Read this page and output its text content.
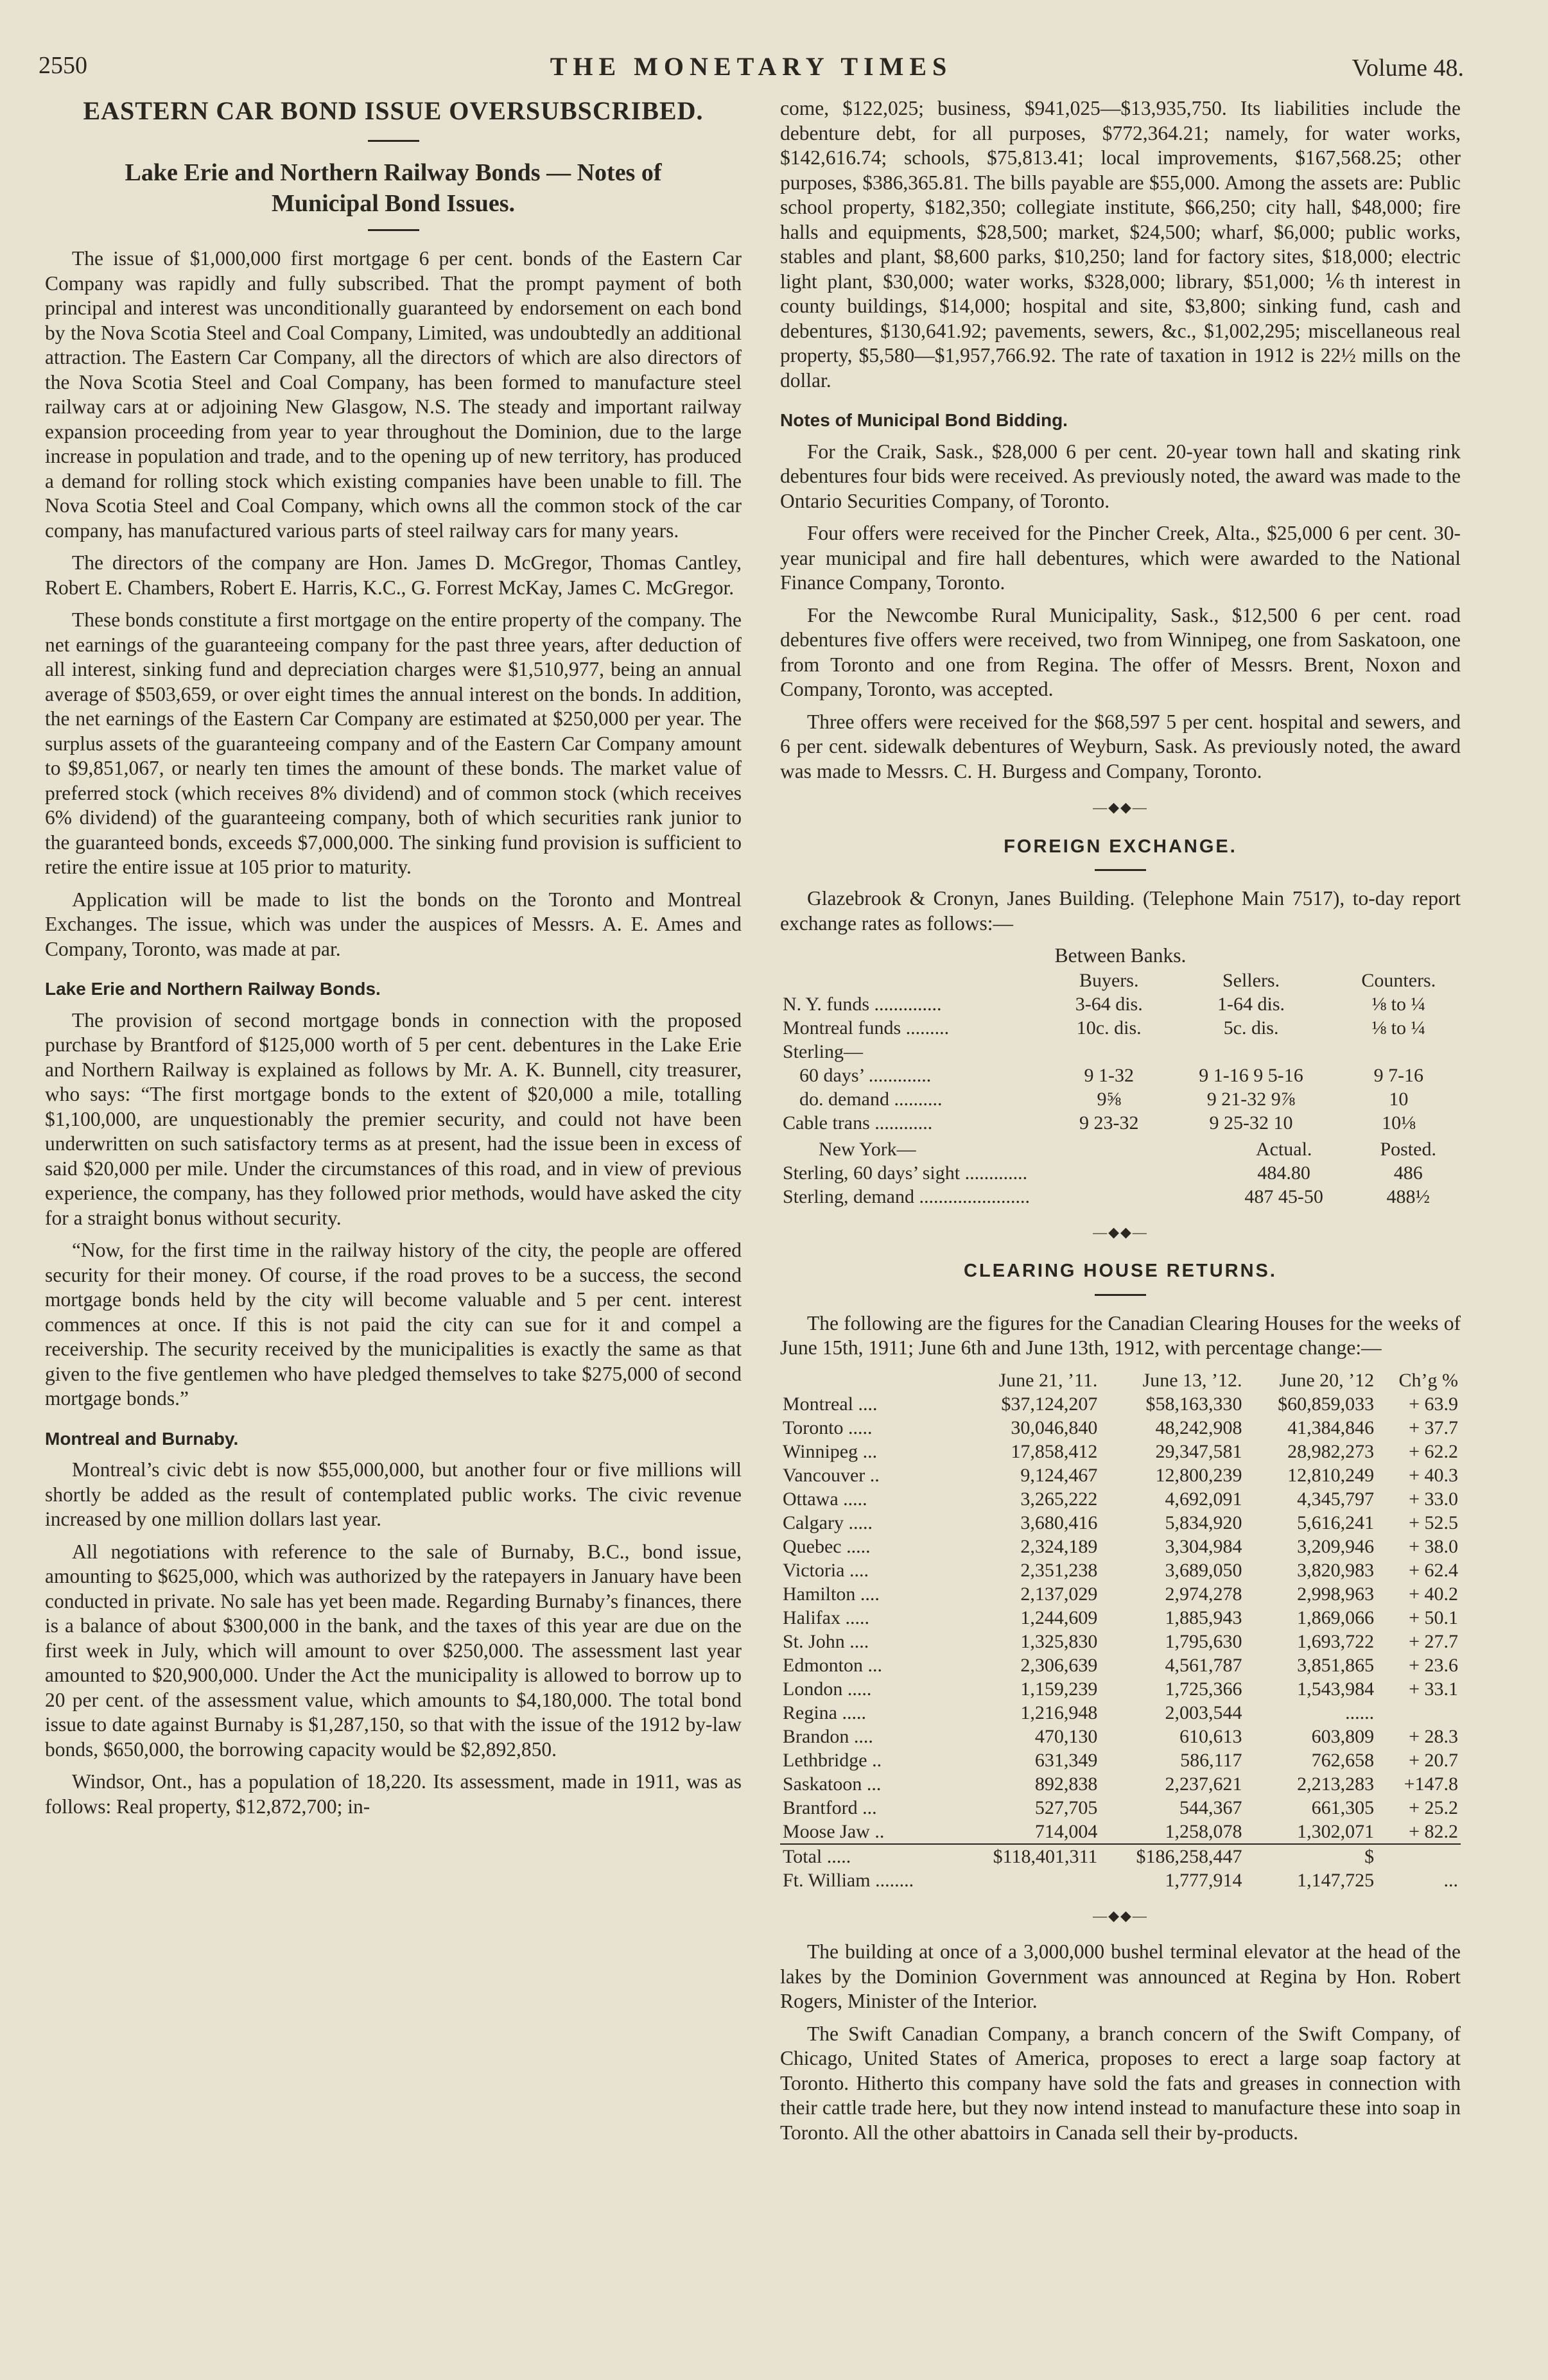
2550	THE MONETARY TIMES	Volume 48.
EASTERN CAR BOND ISSUE OVERSUBSCRIBED.
Lake Erie and Northern Railway Bonds — Notes of
Municipal Bond Issues.

The issue of $1,000,000 first mortgage 6 per cent. bonds of the Eastern Car Company was rapidly and fully subscribed. That the prompt payment of both principal and interest was unconditionally guaranteed by endorsement on each bond by the Nova Scotia Steel and Coal Company, Limited, was undoubtedly an additional attraction. The Eastern Car Company, all the directors of which are also directors of the Nova Scotia Steel and Coal Company, has been formed to manufacture steel railway cars at or adjoining New Glasgow, N.S. The steady and important railway expansion proceeding from year to year throughout the Dominion, due to the large increase in population and trade, and to the opening up of new territory, has produced a demand for rolling stock which existing companies have been unable to fill. The Nova Scotia Steel and Coal Company, which owns all the common stock of the car company, has manufactured various parts of steel railway cars for many years.

The directors of the company are Hon. James D. McGregor, Thomas Cantley, Robert E. Chambers, Robert E. Harris, K.C., G. Forrest McKay, James C. McGregor.

These bonds constitute a first mortgage on the entire property of the company. The net earnings of the guaranteeing company for the past three years, after deduction of all interest, sinking fund and depreciation charges were $1,510,977, being an annual average of $503,659, or over eight times the annual interest on the bonds. In addition, the net earnings of the Eastern Car Company are estimated at $250,000 per year. The surplus assets of the guaranteeing company and of the Eastern Car Company amount to $9,851,067, or nearly ten times the amount of these bonds. The market value of preferred stock (which receives 8% dividend) and of common stock (which receives 6% dividend) of the guaranteeing company, both of which securities rank junior to the guaranteed bonds, exceeds $7,000,000. The sinking fund provision is sufficient to retire the entire issue at 105 prior to maturity.

Application will be made to list the bonds on the Toronto and Montreal Exchanges. The issue, which was under the auspices of Messrs. A. E. Ames and Company, Toronto, was made at par.

Lake Erie and Northern Railway Bonds.

The provision of second mortgage bonds in connection with the proposed purchase by Brantford of $125,000 worth of 5 per cent. debentures in the Lake Erie and Northern Railway is explained as follows by Mr. A. K. Bunnell, city treasurer, who says: “The first mortgage bonds to the extent of $20,000 a mile, totalling $1,100,000, are unquestionably the premier security, and could not have been underwritten on such satisfactory terms as at present, had the issue been in excess of said $20,000 per mile. Under the circumstances of this road, and in view of previous experience, the company, has they followed prior methods, would have asked the city for a straight bonus without security.

“Now, for the first time in the railway history of the city, the people are offered security for their money. Of course, if the road proves to be a success, the second mortgage bonds held by the city will become valuable and 5 per cent. interest commences at once. If this is not paid the city can sue for it and compel a receivership. The security received by the municipalities is exactly the same as that given to the five gentlemen who have pledged themselves to take $275,000 of second mortgage bonds.”

Montreal and Burnaby.

Montreal’s civic debt is now $55,000,000, but another four or five millions will shortly be added as the result of contemplated public works. The civic revenue increased by one million dollars last year.

All negotiations with reference to the sale of Burnaby, B.C., bond issue, amounting to $625,000, which was authorized by the ratepayers in January have been conducted in private. No sale has yet been made. Regarding Burnaby’s finances, there is a balance of about $300,000 in the bank, and the taxes of this year are due on the first week in July, which will amount to over $250,000. The assessment last year amounted to $20,900,000. Under the Act the municipality is allowed to borrow up to 20 per cent. of the assessment value, which amounts to $4,180,000. The total bond issue to date against Burnaby is $1,287,150, so that with the issue of the 1912 by-law bonds, $650,000, the borrowing capacity would be $2,892,850.

Windsor, Ont., has a population of 18,220. Its assessment, made in 1911, was as follows: Real property, $12,872,700; in-

come, $122,025; business, $941,025—$13,935,750. Its liabilities include the debenture debt, for all purposes, $772,364.21; namely, for water works, $142,616.74; schools, $75,813.41; local improvements, $167,568.25; other purposes, $386,365.81. The bills payable are $55,000. Among the assets are: Public school property, $182,350; collegiate institute, $66,250; city hall, $48,000; fire halls and equipments, $28,500; market, $24,500; wharf, $6,000; public works, stables and plant, $8,600 parks, $10,250; land for factory sites, $18,000; electric light plant, $30,000; water works, $328,000; library, $51,000; ⅙th interest in county buildings, $14,000; hospital and site, $3,800; sinking fund, cash and debentures, $130,641.92; pavements, sewers, &c., $1,002,295; miscellaneous real property, $5,580—$1,957,766.92. The rate of taxation in 1912 is 22½ mills on the dollar.

Notes of Municipal Bond Bidding.

For the Craik, Sask., $28,000 6 per cent. 20-year town hall and skating rink debentures four bids were received. As previously noted, the award was made to the Ontario Securities Company, of Toronto.

Four offers were received for the Pincher Creek, Alta., $25,000 6 per cent. 30-year municipal and fire hall debentures, which were awarded to the National Finance Company, Toronto.

For the Newcombe Rural Municipality, Sask., $12,500 6 per cent. road debentures five offers were received, two from Winnipeg, one from Saskatoon, one from Toronto and one from Regina. The offer of Messrs. Brent, Noxon and Company, Toronto, was accepted.

Three offers were received for the $68,597 5 per cent. hospital and sewers, and 6 per cent. sidewalk debentures of Weyburn, Sask. As previously noted, the award was made to Messrs. C. H. Burgess and Company, Toronto.

—◆◆—
FOREIGN EXCHANGE.

Glazebrook & Cronyn, Janes Building. (Telephone Main 7517), to-day report exchange rates as follows:—

Between Banks.
	Buyers.	Sellers.	Counters.
N. Y. funds ..............	3-64 dis.	1-64 dis.	⅛ to ¼
Montreal funds .........	10c. dis.	5c. dis.	⅛ to ¼
Sterling—			
60 days’ .............	9 1-32	9 1-16 9 5-16	9 7-16
do. demand ..........	9⅝	9 21-32 9⅞	10
Cable trans ............	9 23-32	9 25-32 10	10⅛
New York—	Actual.	Posted.
Sterling, 60 days’ sight .............	484.80	486
Sterling, demand .......................	487 45-50	488½
—◆◆—
CLEARING HOUSE RETURNS.

The following are the figures for the Canadian Clearing Houses for the weeks of June 15th, 1911; June 6th and June 13th, 1912, with percentage change:—

	June 21, ’11.	June 13, ’12.	June 20, ’12	Ch’g %
Montreal ....	$37,124,207	$58,163,330	$60,859,033	+ 63.9
Toronto .....	30,046,840	48,242,908	41,384,846	+ 37.7
Winnipeg ...	17,858,412	29,347,581	28,982,273	+ 62.2
Vancouver ..	9,124,467	12,800,239	12,810,249	+ 40.3
Ottawa .....	3,265,222	4,692,091	4,345,797	+ 33.0
Calgary .....	3,680,416	5,834,920	5,616,241	+ 52.5
Quebec .....	2,324,189	3,304,984	3,209,946	+ 38.0
Victoria ....	2,351,238	3,689,050	3,820,983	+ 62.4
Hamilton ....	2,137,029	2,974,278	2,998,963	+ 40.2
Halifax .....	1,244,609	1,885,943	1,869,066	+ 50.1
St. John ....	1,325,830	1,795,630	1,693,722	+ 27.7
Edmonton ...	2,306,639	4,561,787	3,851,865	+ 23.6
London .....	1,159,239	1,725,366	1,543,984	+ 33.1
Regina .....	1,216,948	2,003,544	......	
Brandon ....	470,130	610,613	603,809	+ 28.3
Lethbridge ..	631,349	586,117	762,658	+ 20.7
Saskatoon ...	892,838	2,237,621	2,213,283	+147.8
Brantford ...	527,705	544,367	661,305	+ 25.2
Moose Jaw ..	714,004	1,258,078	1,302,071	+ 82.2
Total .....	$118,401,311	$186,258,447	$	
Ft. William ........		1,777,914	1,147,725	...
—◆◆—

The building at once of a 3,000,000 bushel terminal elevator at the head of the lakes by the Dominion Government was announced at Regina by Hon. Robert Rogers, Minister of the Interior.

The Swift Canadian Company, a branch concern of the Swift Company, of Chicago, United States of America, proposes to erect a large soap factory at Toronto. Hitherto this company have sold the fats and greases in connection with their cattle trade here, but they now intend instead to manufacture these into soap in Toronto. All the other abattoirs in Canada sell their by-products.
